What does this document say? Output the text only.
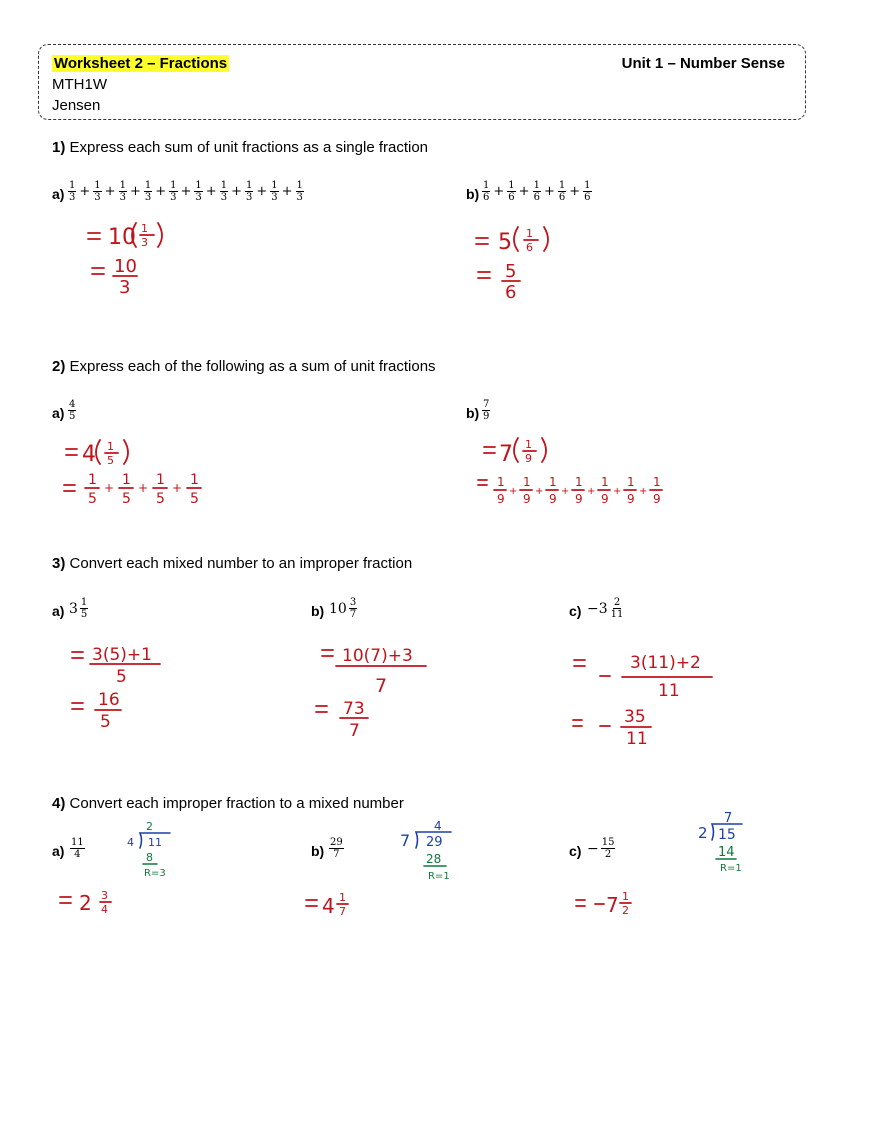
Worksheet 2 – Fractions	Unit 1 – Number Sense
MTH1W
Jensen
1) Express each sum of unit fractions as a single fraction
a)
1
$3 + \frac{1}{3} + \frac{1}{3} + \frac{1}{3} + \frac{1}{3} + \frac{1}{3} + \frac{1}{3} + \frac{1}{3} + \frac{1}{3} + \frac{1}{3}$	b)
1
$6 + \frac{1}{6} + \frac{1}{6} + \frac{1}{6} + \frac{1}{6}$
2) Express each of the following as a sum of unit fractions
a)
4
5	b)
7
9
3) Convert each mixed number to an improper fraction
a) 3 1
5	b) 10 3
7	c) −3 2
11
4) Convert each improper fraction to a mixed number
a)
11
4	b)
29
7	$c) - \frac{15}{2}$
10 1
3
10
3
5 1
6
5
6
4 1
5
1
5
+ 1
5
+ 1
5
+ 1
5
7 1
9
1
9
+
1
9
+
1
9
+
1
9
+
1
9
+
1
9
+
1
9
3(5)+1
5
16
5
10(7)+3
7
73
7
3(11)+2
11
35
11
4
2
11
8
R=3
2 3
4
7
4
29
28
R=1
4 1
7
2
7
15
14
R=1
7 1
2
